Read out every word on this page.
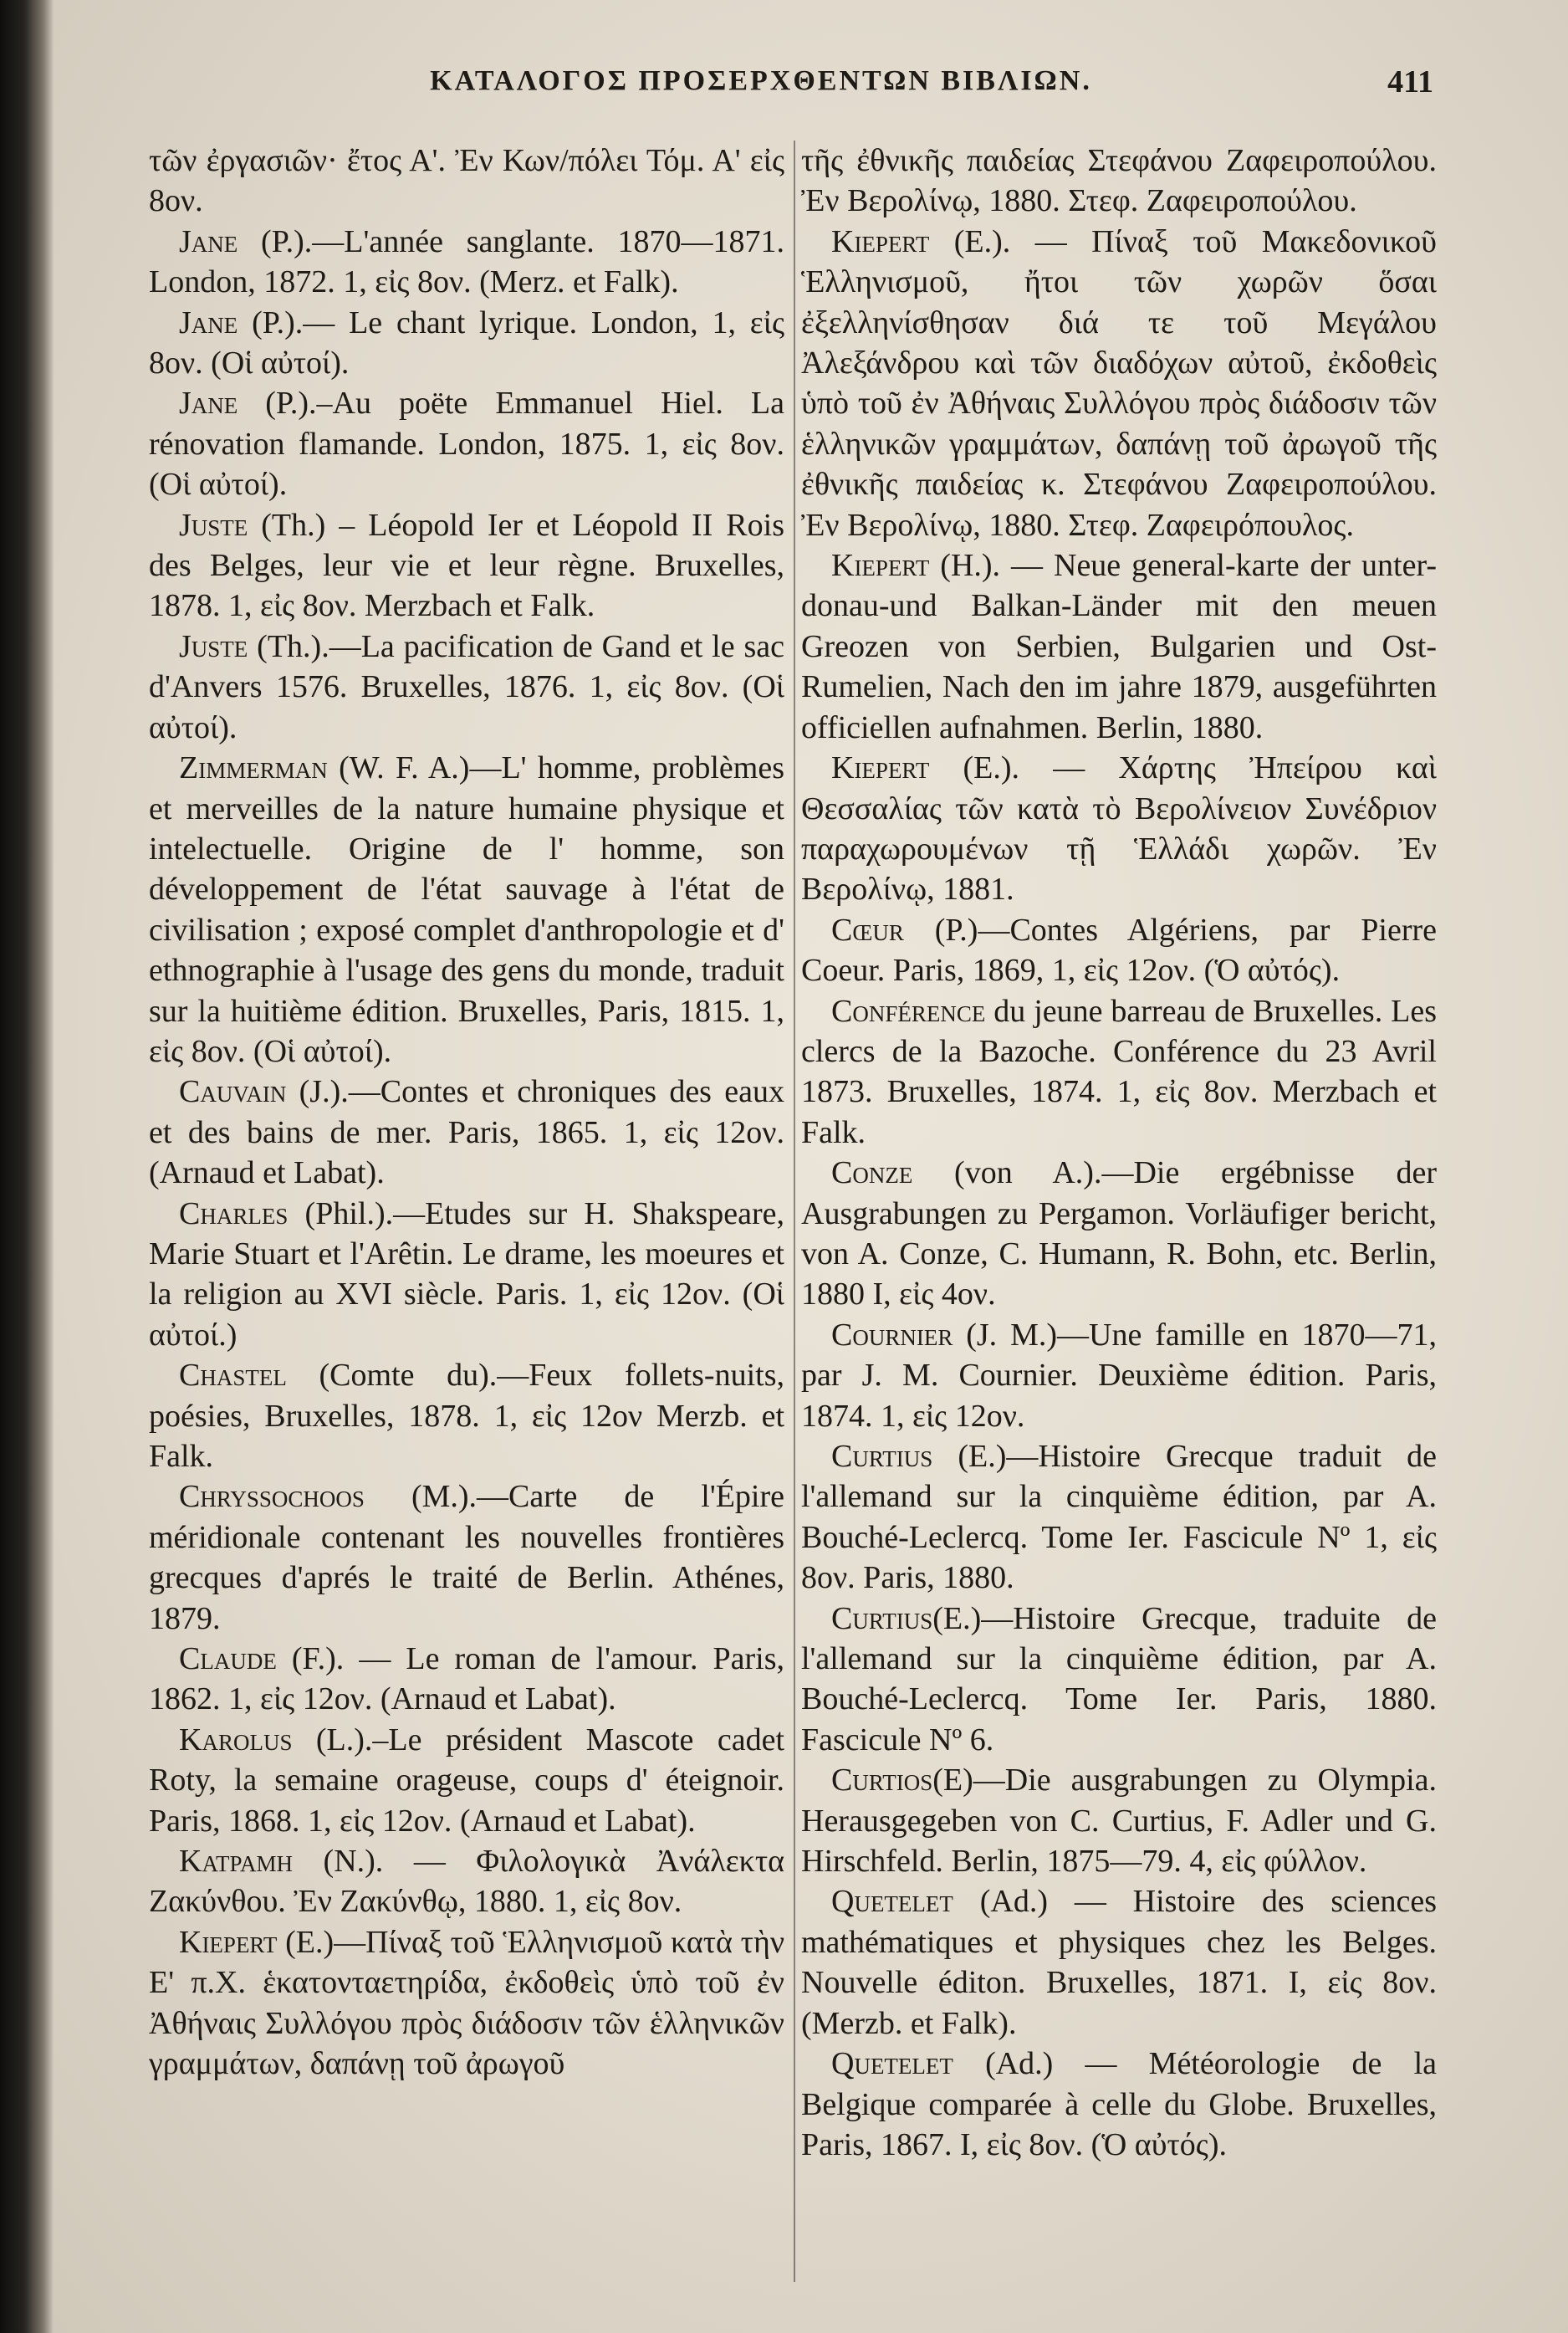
ΚΑΤΑΛΟΓΟΣ ΠΡΟΣΕΡΧΘΕΝΤΩΝ ΒΙΒΛΙΩΝ.	411

τῶν ἐργασιῶν· ἔτος Α'. Ἐν Κων/πόλει Τόμ. Α' εἰς 8ον.

Jane (P.).—L'année sanglante. 1870—1871. London, 1872. 1, εἰς 8ον. (Merz. et Falk).

Jane (P.).— Le chant lyrique. London, 1, εἰς 8ον. (Οἱ αὐτοί).

Jane (P.).–Au poëte Emmanuel Hiel. La rénovation flamande. London, 1875. 1, εἰς 8ον. (Οἱ αὐτοί).

Juste (Th.) – Léopold Ier et Léopold II Rois des Belges, leur vie et leur règne. Bruxelles, 1878. 1, εἰς 8ον. Merzbach et Falk.

Juste (Th.).—La pacification de Gand et le sac d'Anvers 1576. Bruxelles, 1876. 1, εἰς 8ον. (Οἱ αὐτοί).

Zimmerman (W. F. A.)—L' homme, problèmes et merveilles de la nature humaine physique et intelectuelle. Origine de l' homme, son développement de l'état sauvage à l'état de civilisation ; exposé complet d'anthropologie et d' ethnographie à l'usage des gens du monde, traduit sur la huitième édition. Bruxelles, Paris, 1815. 1, εἰς 8ον. (Οἱ αὐτοί).

Cauvain (J.).—Contes et chroniques des eaux et des bains de mer. Paris, 1865. 1, εἰς 12ον. (Arnaud et Labat).

Charles (Phil.).—Etudes sur H. Shakspeare, Marie Stuart et l'Arêtin. Le drame, les moeures et la religion au XVI siècle. Paris. 1, εἰς 12ον. (Οἱ αὐτοί.)

Chastel (Comte du).—Feux follets-nuits, poésies, Bruxelles, 1878. 1, εἰς 12ον Merzb. et Falk.

Chryssochoos (M.).—Carte de l'Épire méridionale contenant les nouvelles frontières grecques d'aprés le traité de Berlin. Athénes, 1879.

Claude (F.). — Le roman de l'amour. Paris, 1862. 1, εἰς 12ον. (Arnaud et Labat).

Karolus (L.).–Le président Mascote cadet Roty, la semaine orageuse, coups d' éteignoir. Paris, 1868. 1, εἰς 12ον. (Arnaud et Labat).

Κατραμη (Ν.). — Φιλολογικὰ Ἀνάλεκτα Ζακύνθου. Ἐν Ζακύνθῳ, 1880. 1, εἰς 8ον.

Kiepert (E.)—Πίναξ τοῦ Ἑλληνισμοῦ κατὰ τὴν Ε' π.Χ. ἑκατονταετηρίδα, ἐκδοθεὶς ὑπὸ τοῦ ἐν Ἀθήναις Συλλόγου πρὸς διάδοσιν τῶν ἑλληνικῶν γραμμάτων, δαπάνῃ τοῦ ἀρωγοῦ

τῆς ἐθνικῆς παιδείας Στεφάνου Ζαφειροπούλου. Ἐν Βερολίνῳ, 1880. Στεφ. Ζαφειροπούλου.

Kiepert (E.). — Πίναξ τοῦ Μακεδονικοῦ Ἑλληνισμοῦ, ἤτοι τῶν χωρῶν ὅσαι ἐξελληνίσθησαν διά τε τοῦ Μεγάλου Ἀλεξάνδρου καὶ τῶν διαδόχων αὐτοῦ, ἐκδοθεὶς ὑπὸ τοῦ ἐν Ἀθήναις Συλλόγου πρὸς διάδοσιν τῶν ἑλληνικῶν γραμμάτων, δαπάνῃ τοῦ ἀρωγοῦ τῆς ἐθνικῆς παιδείας κ. Στεφάνου Ζαφειροπούλου. Ἐν Βερολίνῳ, 1880. Στεφ. Ζαφειρόπουλος.

Kiepert (H.). — Neue general-karte der unter-donau-und Balkan-Länder mit den meuen Greozen von Serbien, Bulgarien und Ost-Rumelien, Nach den im jahre 1879, ausgeführten officiellen aufnahmen. Berlin, 1880.

Kiepert (E.). — Χάρτης Ἠπείρου καὶ Θεσσαλίας τῶν κατὰ τὸ Βερολίνειον Συνέδριον παραχωρουμένων τῇ Ἑλλάδι χωρῶν. Ἐν Βερολίνῳ, 1881.

Cœur (P.)—Contes Algériens, par Pierre Coeur. Paris, 1869, 1, εἰς 12ον. (Ὁ αὐτός).

Conférence du jeune barreau de Bruxelles. Les clercs de la Bazoche. Conférence du 23 Avril 1873. Bruxelles, 1874. 1, εἰς 8ον. Merzbach et Falk.

Conze (von A.).—Die ergébnisse der Ausgrabungen zu Pergamon. Vorläufiger bericht, von A. Conze, C. Humann, R. Bohn, etc. Berlin, 1880 I, εἰς 4ον.

Cournier (J. M.)—Une famille en 1870—71, par J. M. Cournier. Deuxième édition. Paris, 1874. 1, εἰς 12ον.

Curtius (E.)—Histoire Grecque traduit de l'allemand sur la cinquième édition, par A. Bouché-Leclercq. Tome Ier. Fascicule Nº 1, εἰς 8ον. Paris, 1880.

Curtius(E.)—Histoire Grecque, traduite de l'allemand sur la cinquième édition, par A. Bouché-Leclercq. Tome Ier. Paris, 1880. Fascicule Nº 6.

Curtios(E)—Die ausgrabungen zu Olympia. Herausgegeben von C. Curtius, F. Adler und G. Hirschfeld. Berlin, 1875—79. 4, εἰς φύλλον.

Quetelet (Ad.) — Histoire des sciences mathématiques et physiques chez les Belges. Nouvelle éditon. Bruxelles, 1871. I, εἰς 8ον. (Merzb. et Falk).

Quetelet (Ad.) — Météorologie de la Belgique comparée à celle du Globe. Bruxelles, Paris, 1867. I, εἰς 8ον. (Ὁ αὐτός).
